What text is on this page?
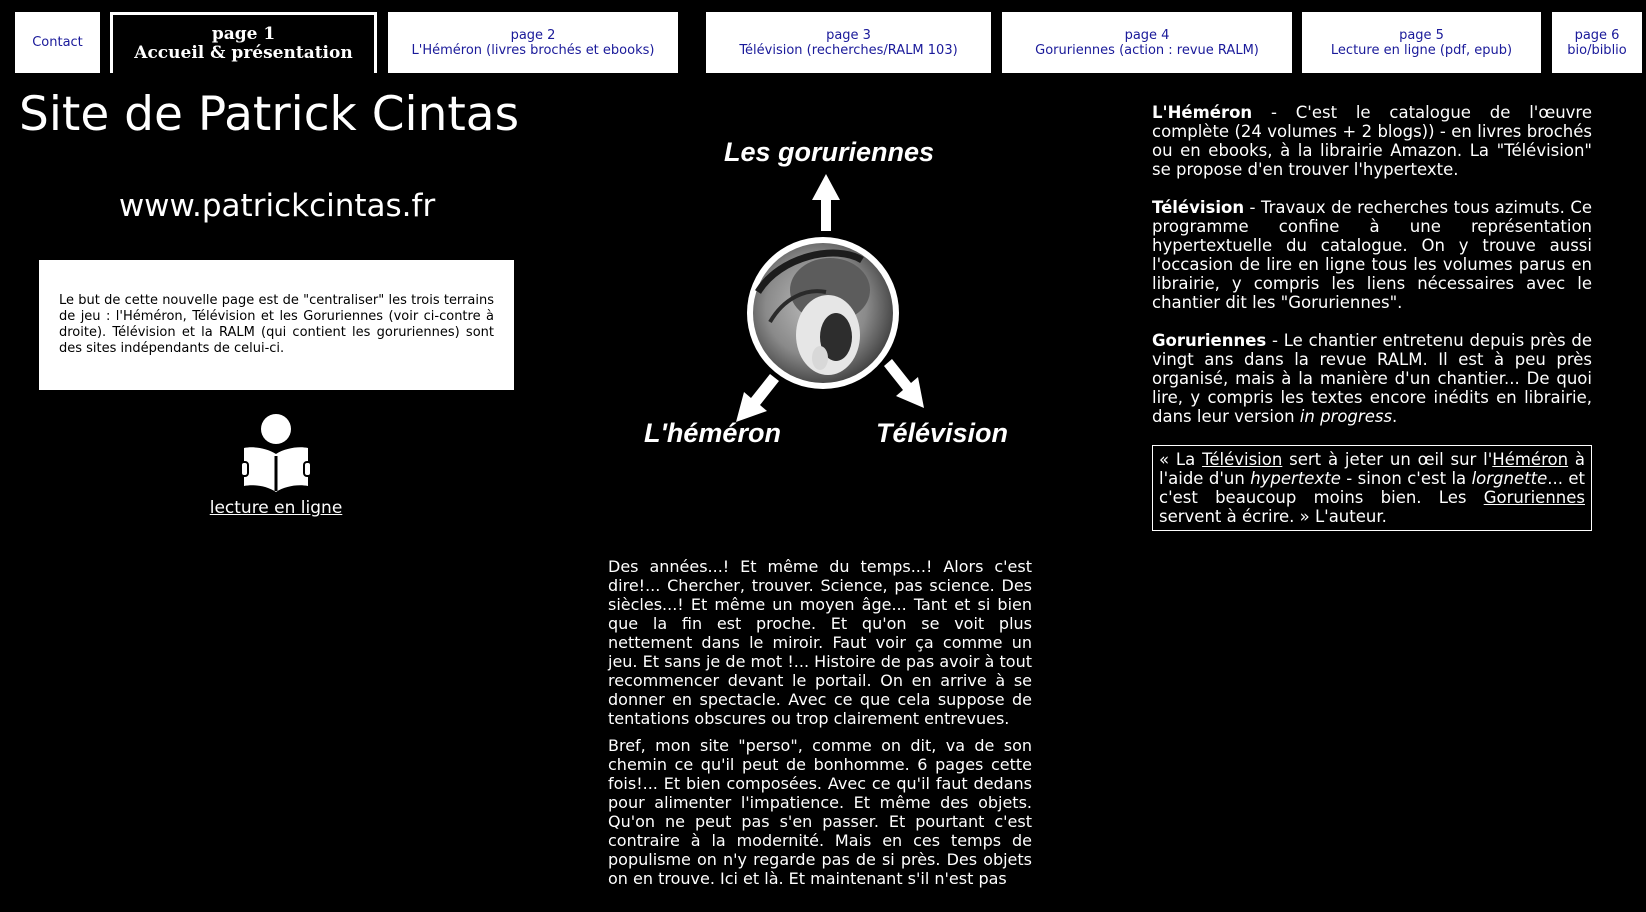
Contact	page 1
Accueil & présentation
page 2
L'Héméron (livres brochés et ebooks)
page 3
Télévision (recherches/RALM 103)
page 4
Goruriennes (action : revue RALM)
page 5
Lecture en ligne (pdf, epub)
page 6
bio/biblio
Site de Patrick Cintas
www.patrickcintas.fr

Le but de cette nouvelle page est de "centraliser" les trois terrains de jeu : l'Héméron, Télévision et les Goruriennes (voir ci-contre à droite). Télévision et la RALM (qui contient les goruriennes) sont des sites indépendants de celui-ci.

lecture en ligne
Les goruriennes
L'héméron	Télévision

Des années...! Et même du temps...! Alors c'est dire!... Chercher, trouver. Science, pas science. Des siècles...! Et même un moyen âge... Tant et si bien que la fin est proche. Et qu'on se voit plus nettement dans le miroir. Faut voir ça comme un jeu. Et sans je de mot !... Histoire de pas avoir à tout recommencer devant le portail. On en arrive à se donner en spectacle. Avec ce que cela suppose de tentations obscures ou trop clairement entrevues.

Bref, mon site "perso", comme on dit, va de son chemin ce qu'il peut de bonhomme. 6 pages cette fois!... Et bien composées. Avec ce qu'il faut dedans pour alimenter l'impatience. Et même des objets. Qu'on ne peut pas s'en passer. Et pourtant c'est contraire à la modernité. Mais en ces temps de populisme on n'y regarde pas de si près. Des objets on en trouve. Ici et là. Et maintenant s'il n'est pas

L'Héméron - C'est le catalogue de l'œuvre complète (24 volumes + 2 blogs)) - en livres brochés ou en ebooks, à la librairie Amazon. La "Télévision" se propose d'en trouver l'hypertexte.

Télévision - Travaux de recherches tous azimuts. Ce programme confine à une représentation hypertextuelle du catalogue. On y trouve aussi l'occasion de lire en ligne tous les volumes parus en librairie, y compris les liens nécessaires avec le chantier dit les "Goruriennes".

Goruriennes - Le chantier entretenu depuis près de vingt ans dans la revue RALM. Il est à peu près organisé, mais à la manière d'un chantier... De quoi lire, y compris les textes encore inédits en librairie, dans leur version in progress.

« La Télévision sert à jeter un œil sur l'Héméron à l'aide d'un hypertexte - sinon c'est la lorgnette... et c'est beaucoup moins bien. Les Goruriennes servent à écrire. » L'auteur.
